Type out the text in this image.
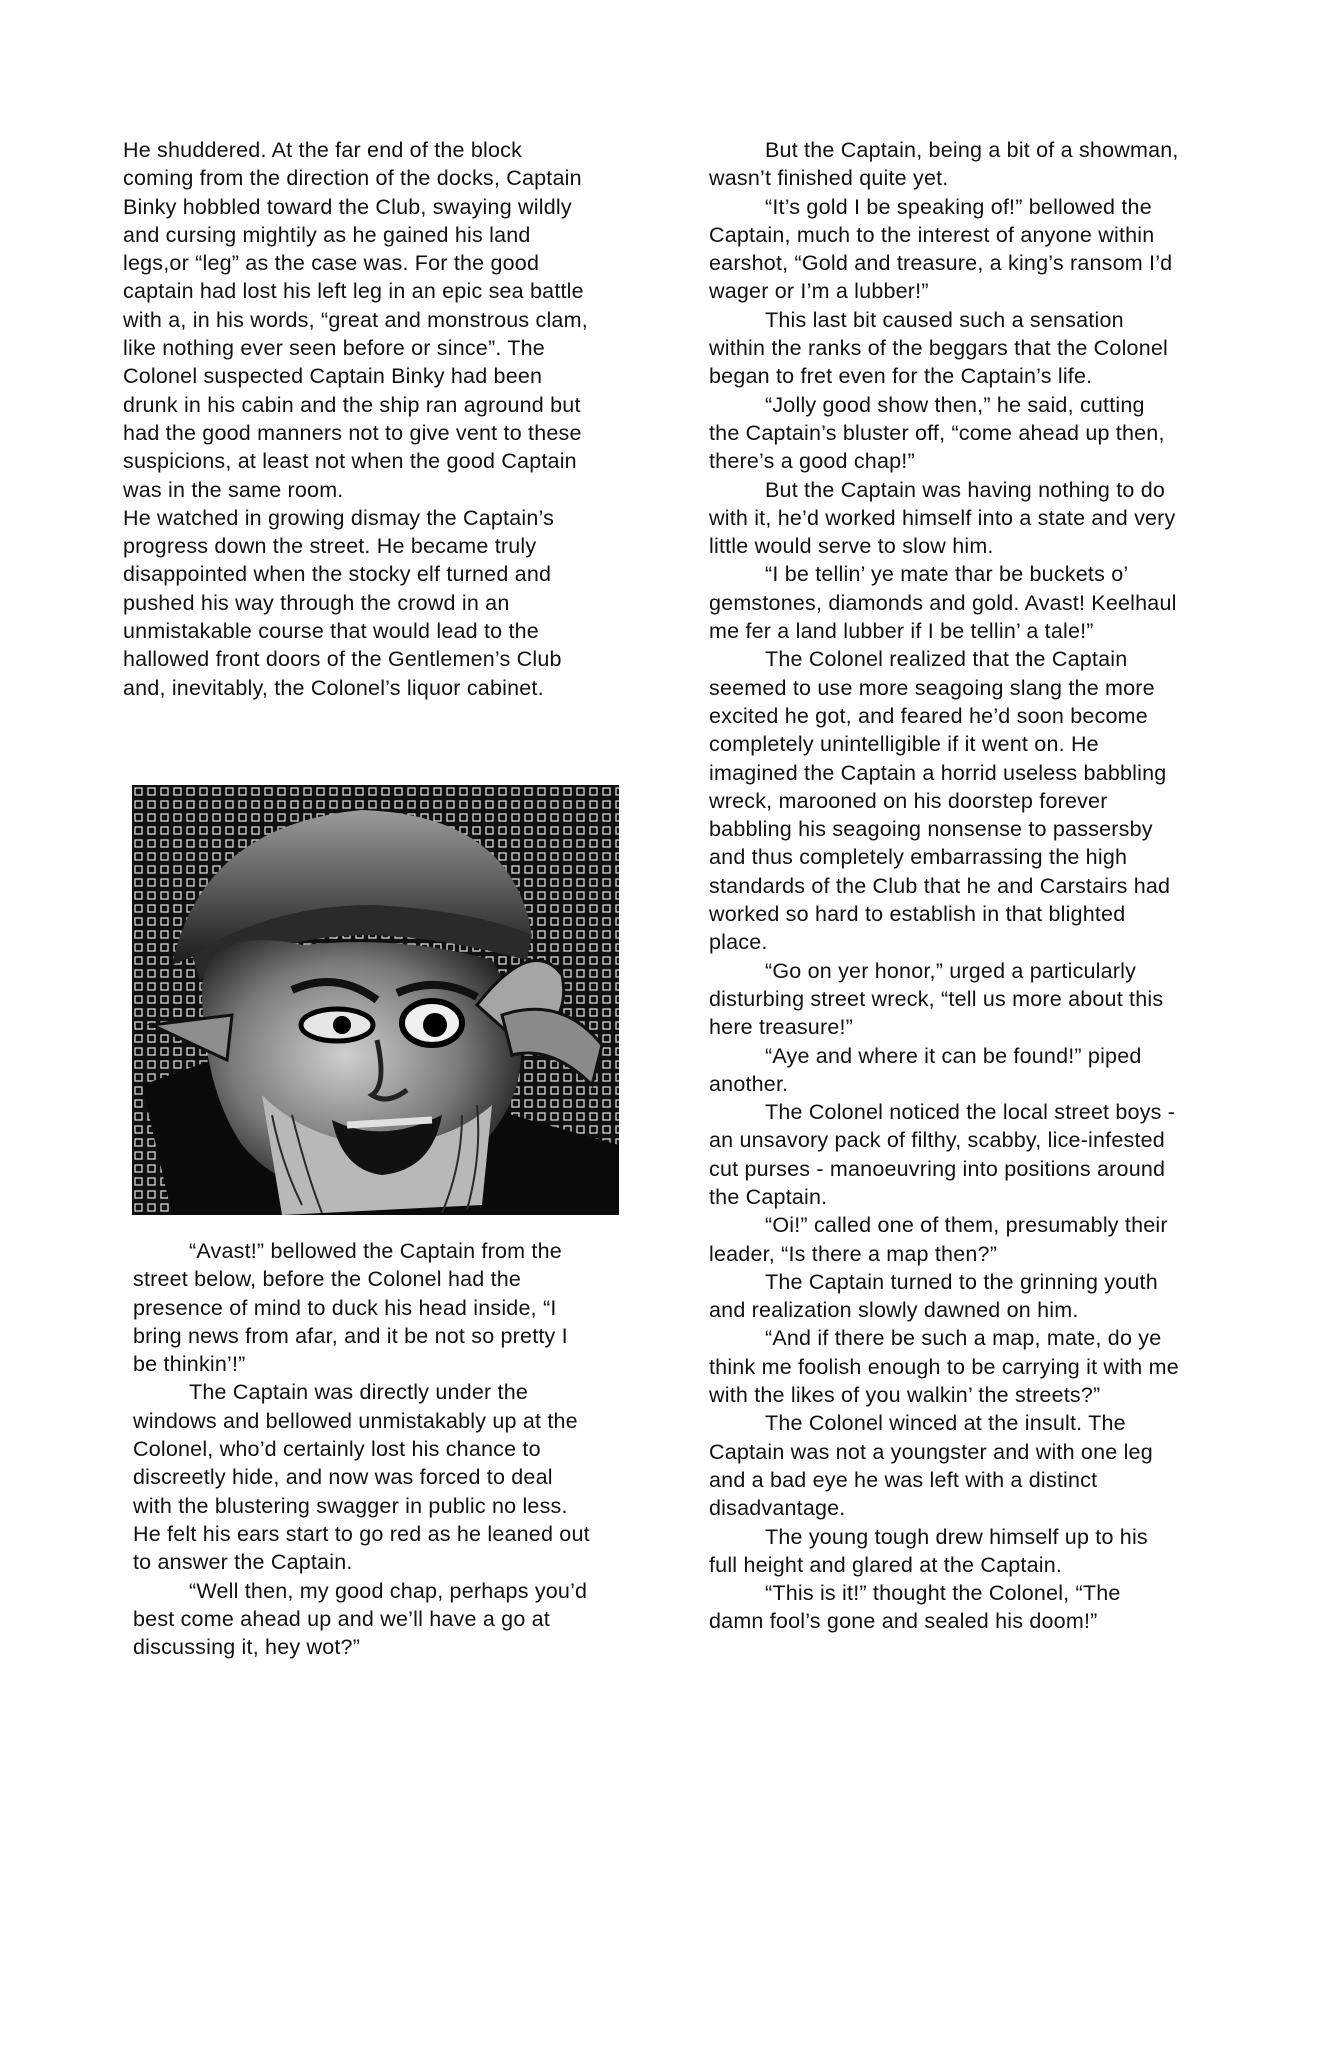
He shuddered. At the far end of the block coming from the direction of the docks, Captain Binky hobbled toward the Club, swaying wildly and cursing mightily as he gained his land legs,or “leg” as the case was. For the good captain had lost his left leg in an epic sea battle with a, in his words, “great and monstrous clam, like nothing ever seen before or since”. The Colonel suspected Captain Binky had been drunk in his cabin and the ship ran aground but had the good manners not to give vent to these suspicions, at least not when the good Captain was in the same room.

He watched in growing dismay the Captain’s progress down the street. He became truly disappointed when the stocky elf turned and pushed his way through the crowd in an unmistakable course that would lead to the hallowed front doors of the Gentlemen’s Club and, inevitably, the Colonel’s liquor cabinet.

“Avast!” bellowed the Captain from the street below, before the Colonel had the presence of mind to duck his head inside, “I bring news from afar, and it be not so pretty I be thinkin’!”

The Captain was directly under the windows and bellowed unmistakably up at the Colonel, who’d certainly lost his chance to discreetly hide, and now was forced to deal with the blustering swagger in public no less. He felt his ears start to go red as he leaned out to answer the Captain.

“Well then, my good chap, perhaps you’d best come ahead up and we’ll have a go at discussing it, hey wot?”

But the Captain, being a bit of a showman, wasn’t finished quite yet.

“It’s gold I be speaking of!” bellowed the Captain, much to the interest of anyone within earshot, “Gold and treasure, a king’s ransom I’d wager or I’m a lubber!”

This last bit caused such a sensation within the ranks of the beggars that the Colonel began to fret even for the Captain’s life.

“Jolly good show then,” he said, cutting the Captain’s bluster off, “come ahead up then, there’s a good chap!”

But the Captain was having nothing to do with it, he’d worked himself into a state and very little would serve to slow him.

“I be tellin’ ye mate thar be buckets o’ gemstones, diamonds and gold. Avast! Keelhaul me fer a land lubber if I be tellin’ a tale!”

The Colonel realized that the Captain seemed to use more seagoing slang the more excited he got, and feared he’d soon become completely unintelligible if it went on. He imagined the Captain a horrid useless babbling wreck, marooned on his doorstep forever babbling his seagoing nonsense to passersby and thus completely embarrassing the high standards of the Club that he and Carstairs had worked so hard to establish in that blighted place.

“Go on yer honor,” urged a particularly disturbing street wreck, “tell us more about this here treasure!”

“Aye and where it can be found!” piped another.

The Colonel noticed the local street boys - an unsavory pack of filthy, scabby, lice-infested cut purses - manoeuvring into positions around the Captain.

“Oi!” called one of them, presumably their leader, “Is there a map then?”

The Captain turned to the grinning youth and realization slowly dawned on him.

“And if there be such a map, mate, do ye think me foolish enough to be carrying it with me with the likes of you walkin’ the streets?”

The Colonel winced at the insult. The Captain was not a youngster and with one leg and a bad eye he was left with a distinct disadvantage.

The young tough drew himself up to his full height and glared at the Captain.

“This is it!” thought the Colonel, “The damn fool’s gone and sealed his doom!”
